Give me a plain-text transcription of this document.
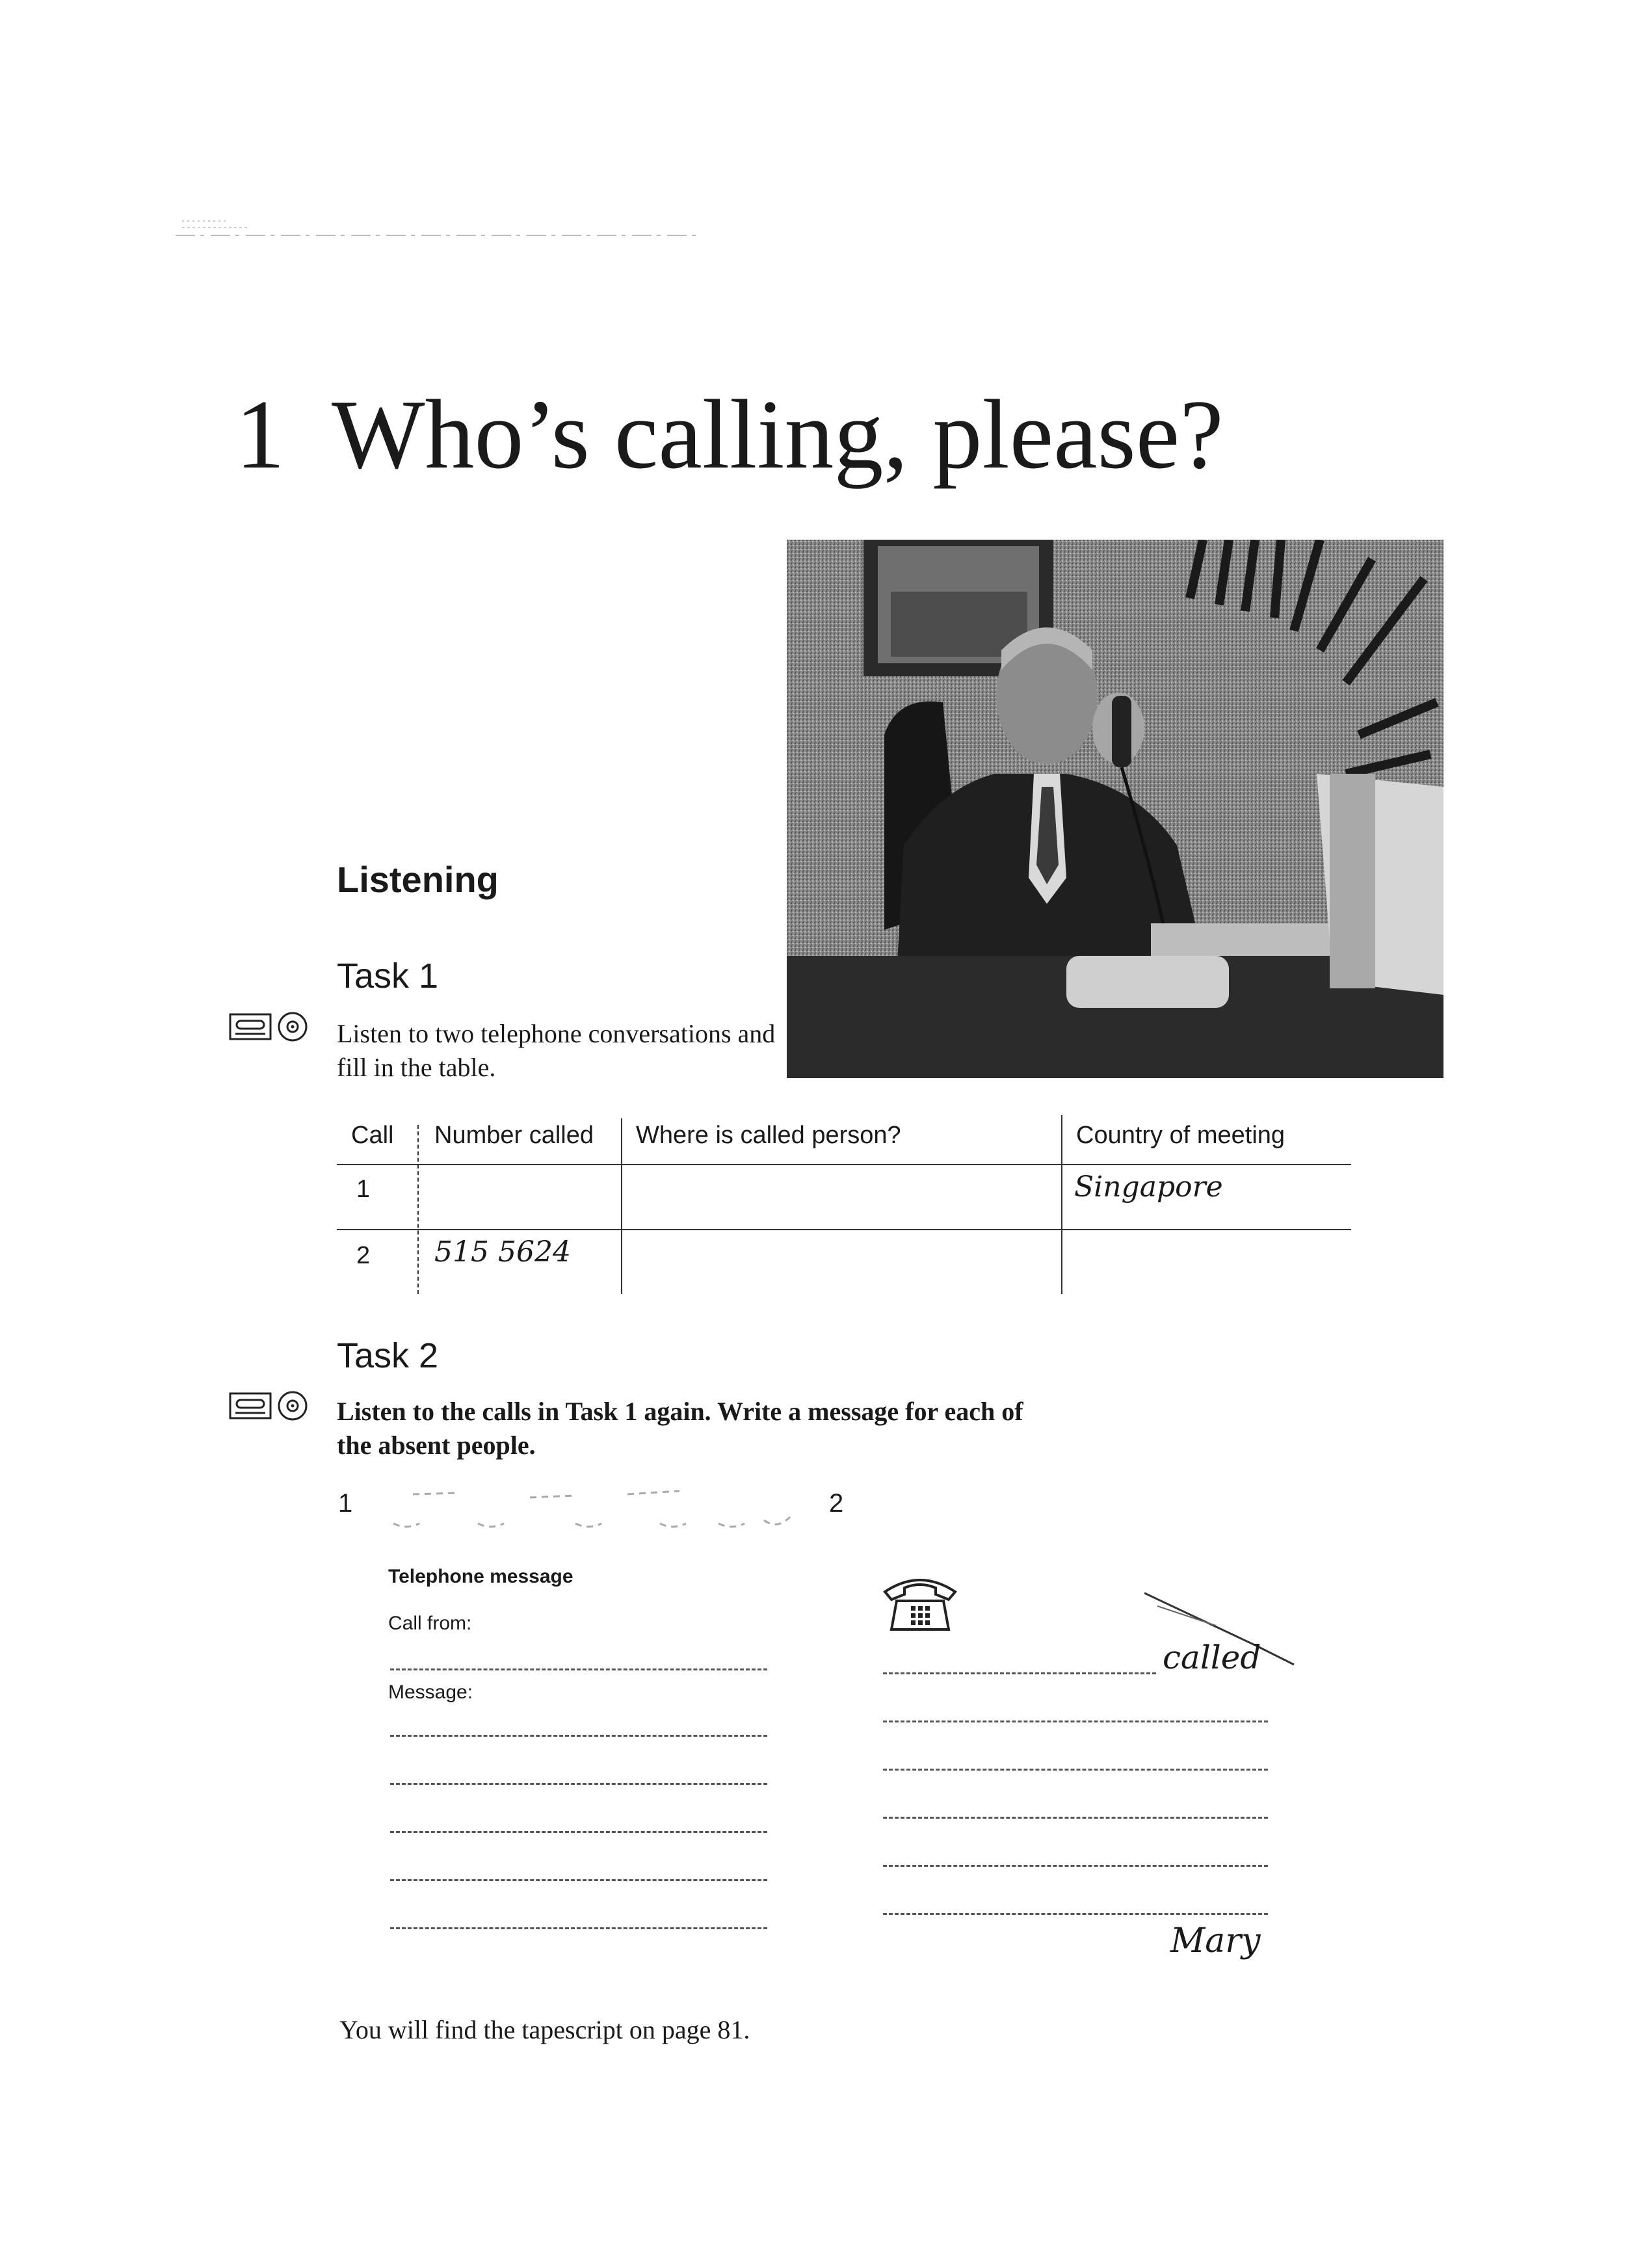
1 Who’s calling, please?
Listening
Task 1
Listen to two telephone conversations and fill in the table.
Call Number called Where is called person?	Country of meeting
1
2 515 5624
Singapore
Task 2
Listen to the calls in Task 1 again. Write a message for each of the absent people.
1	2
Telephone message
Call from:
Message:
called
Mary
You will find the tapescript on page 81.
